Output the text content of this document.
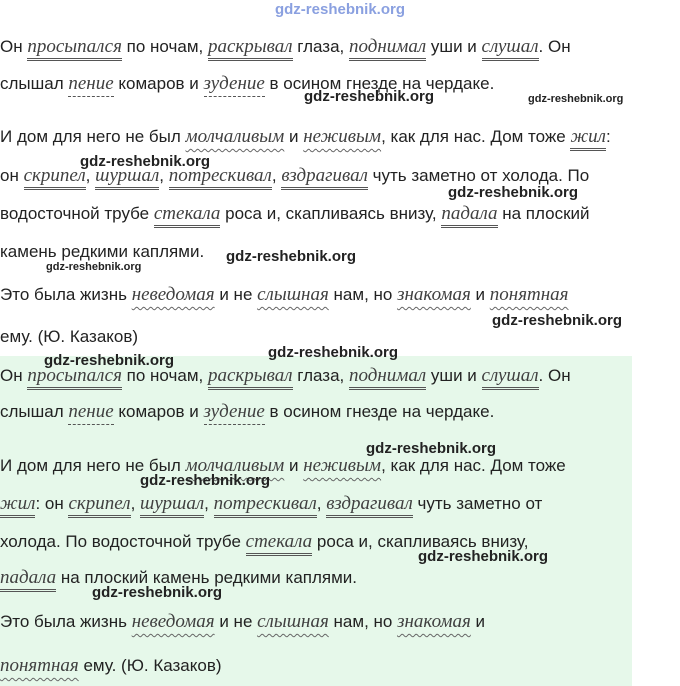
gdz-reshebnik.org
Он просыпался по ночам, раскрывал глаза, поднимал уши и слушал. Он
слышал пение комаров и зудение в осином гнезде на чердаке.
И дом для него не был молчаливым и неживым, как для нас. Дом тоже жил:
он скрипел, шуршал, потрескивал, вздрагивал чуть заметно от холода. По
водосточной трубе стекала роса и, скапливаясь внизу, падала на плоский
камень редкими каплями.
Это была жизнь неведомая и не слышная нам, но знакомая и понятная
ему. (Ю. Казаков)
Он просыпался по ночам, раскрывал глаза, поднимал уши и слушал. Он
слышал пение комаров и зудение в осином гнезде на чердаке.
И дом для него не был молчаливым и неживым, как для нас. Дом тоже
жил: он скрипел, шуршал, потрескивал, вздрагивал чуть заметно от
холода. По водосточной трубе стекала роса и, скапливаясь внизу,
падала на плоский камень редкими каплями.
Это была жизнь неведомая и не слышная нам, но знакомая и
понятная ему. (Ю. Казаков)
gdz-reshebnik.org	gdz-reshebnik.org
gdz-reshebnik.org
gdz-reshebnik.org
gdz-reshebnik.org
gdz-reshebnik.org
gdz-reshebnik.org
gdz-reshebnik.org
gdz-reshebnik.org
gdz-reshebnik.org
gdz-reshebnik.org
gdz-reshebnik.org
gdz-reshebnik.org
